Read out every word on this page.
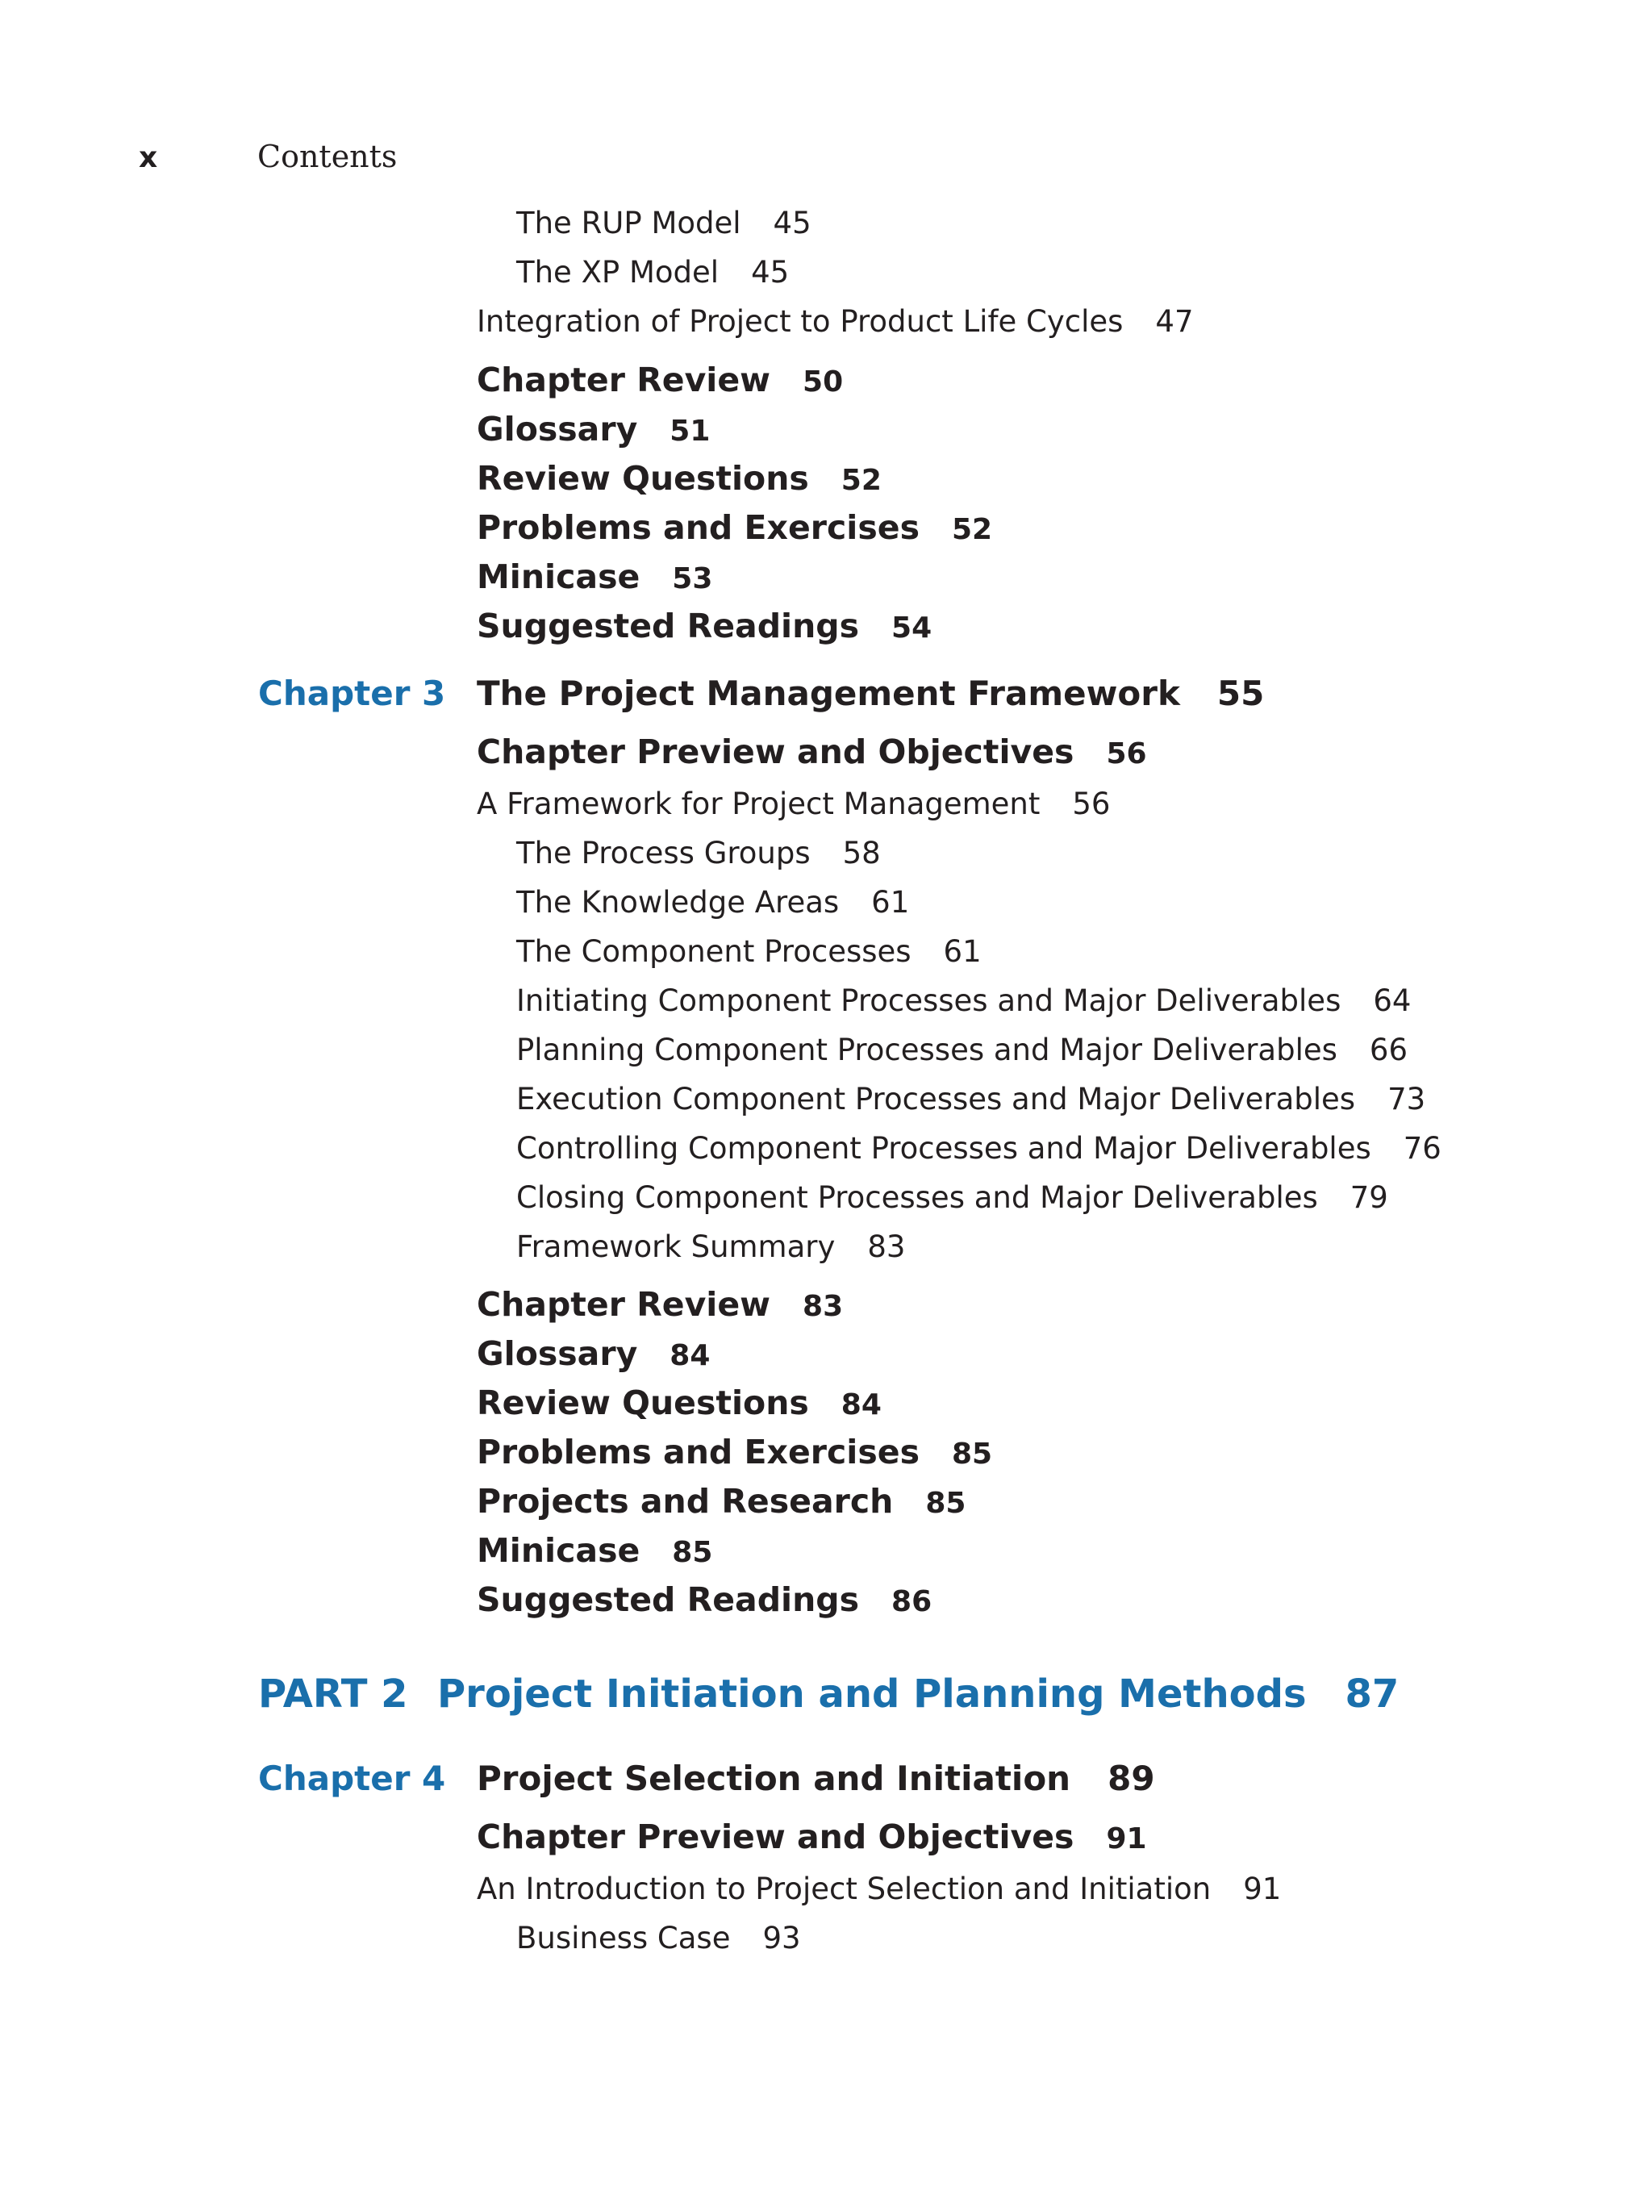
x	Contents
The RUP Model 45
The XP Model 45
Integration of Project to Product Life Cycles 47
Chapter Review 50
Glossary 51
Review Questions 52
Problems and Exercises 52
Minicase 53
Suggested Readings 54
Chapter 3 The Project Management Framework 55
Chapter Preview and Objectives 56
A Framework for Project Management 56
The Process Groups 58
The Knowledge Areas 61
The Component Processes 61
Initiating Component Processes and Major Deliverables 64
Planning Component Processes and Major Deliverables 66
Execution Component Processes and Major Deliverables 73
Controlling Component Processes and Major Deliverables 76
Closing Component Processes and Major Deliverables 79
Framework Summary 83
Chapter Review 83
Glossary 84
Review Questions 84
Problems and Exercises 85
Projects and Research 85
Minicase 85
Suggested Readings 86
PART 2 Project Initiation and Planning Methods 87
Chapter 4 Project Selection and Initiation 89
Chapter Preview and Objectives 91
An Introduction to Project Selection and Initiation 91
Business Case 93
